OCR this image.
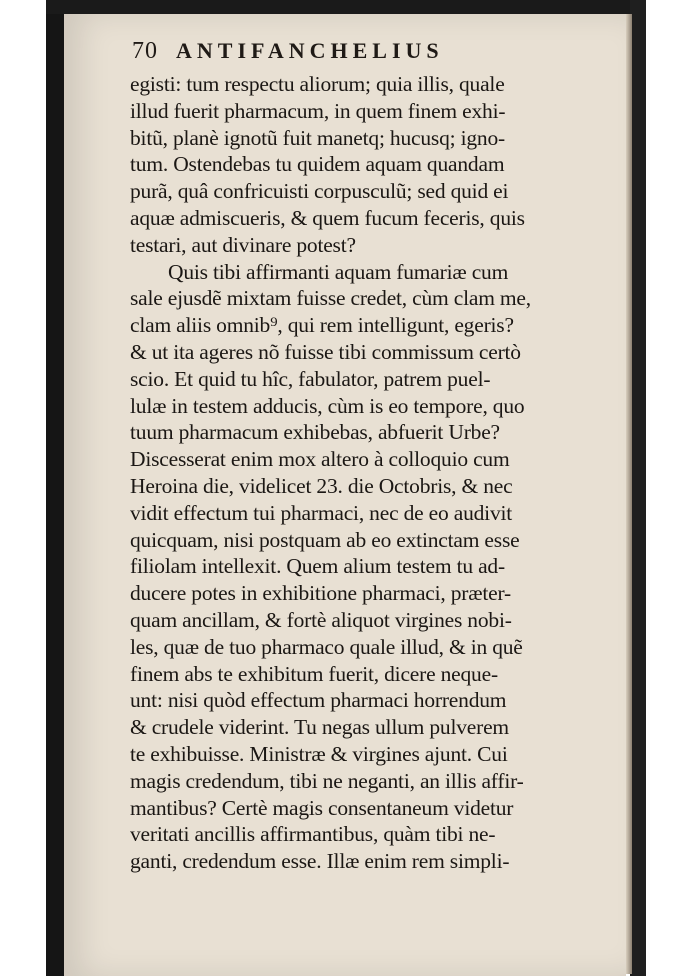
70 ANTIFANCHELIUS
egisti: tum respectu aliorum; quia illis, quale
illud fuerit pharmacum, in quem finem exhi-
bitũ, planè ignotũ fuit manetq; hucusq; igno-
tum. Ostendebas tu quidem aquam quandam
purã, quâ confricuisti corpusculũ; sed quid ei
aquæ admiscueris, & quem fucum feceris, quis
testari, aut divinare potest?
Quis tibi affirmanti aquam fumariæ cum
sale ejusdẽ mixtam fuisse credet, cùm clam me,
clam aliis omnib⁹, qui rem intelligunt, egeris?
& ut ita ageres nõ fuisse tibi commissum certò
scio. Et quid tu hîc, fabulator, patrem puel-
lulæ in testem adducis, cùm is eo tempore, quo
tuum pharmacum exhibebas, abfuerit Urbe?
Discesserat enim mox altero à colloquio cum
Heroina die, videlicet 23. die Octobris, & nec
vidit effectum tui pharmaci, nec de eo audivit
quicquam, nisi postquam ab eo extinctam esse
filiolam intellexit. Quem alium testem tu ad-
ducere potes in exhibitione pharmaci, præter-
quam ancillam, & fortè aliquot virgines nobi-
les, quæ de tuo pharmaco quale illud, & in quẽ
finem abs te exhibitum fuerit, dicere neque-
unt: nisi quòd effectum pharmaci horrendum
& crudele viderint. Tu negas ullum pulverem
te exhibuisse. Ministræ & virgines ajunt. Cui
magis credendum, tibi ne neganti, an illis affir-
mantibus? Certè magis consentaneum videtur
veritati ancillis affirmantibus, quàm tibi ne-
ganti, credendum esse. Illæ enim rem simpli-
